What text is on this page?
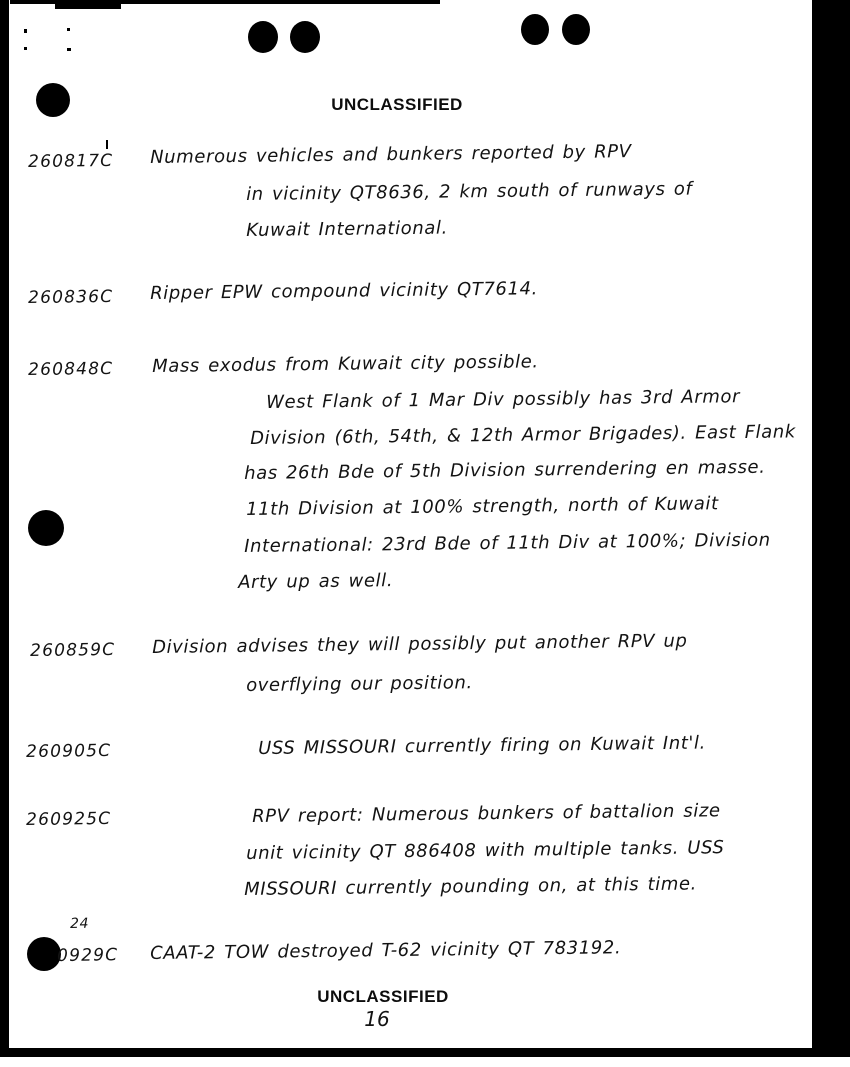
UNCLASSIFIED
260817C Numerous vehicles and bunkers reported by RPV
in vicinity QT8636, 2 km south of runways of
Kuwait International.
260836C Ripper EPW compound vicinity QT7614.
260848C Mass exodus from Kuwait city possible.
West Flank of 1 Mar Div possibly has 3rd Armor
Division (6th, 54th, & 12th Armor Brigades). East Flank
has 26th Bde of 5th Division surrendering en masse.
11th Division at 100% strength, north of Kuwait
International: 23rd Bde of 11th Div at 100%; Division
Arty up as well.
260859C Division advises they will possibly put another RPV up
overflying our position.
260905C	USS MISSOURI currently firing on Kuwait Int'l.
260925C	RPV report: Numerous bunkers of battalion size
unit vicinity QT 886408 with multiple tanks. USS
MISSOURI currently pounding on, at this time.
24
0929C CAAT-2 TOW destroyed T-62 vicinity QT 783192.
UNCLASSIFIED
16
